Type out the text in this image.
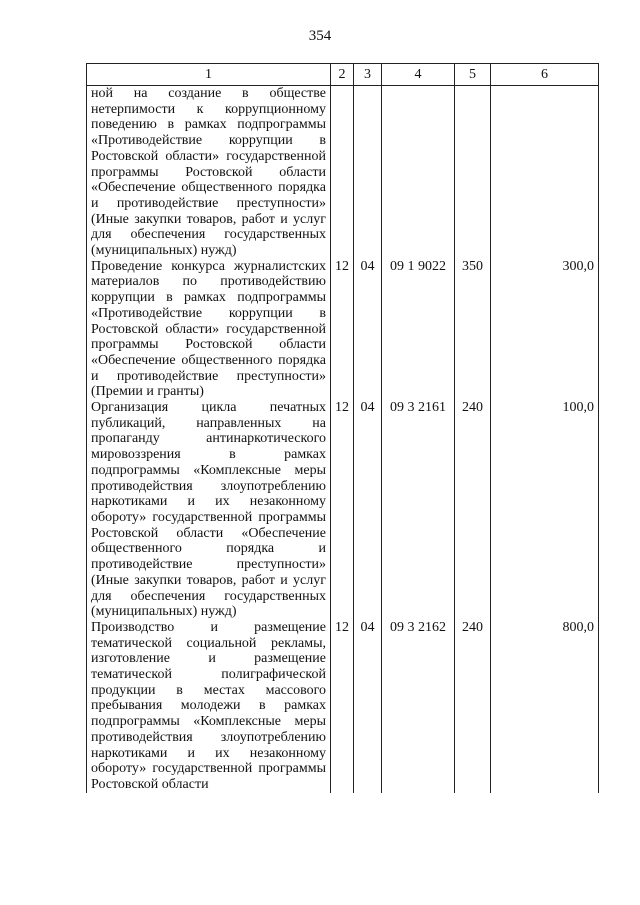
354
1	2	3	4	5	6
ной на создание в обществе нетерпимости к коррупционному поведению в рамках подпрограммы «Противодействие коррупции в Ростовской области» государственной программы Ростовской области «Обеспечение общественного порядка и противодействие преступности» (Иные закупки товаров, работ и услуг для обеспечения государственных (муниципальных) нужд)					
Проведение конкурса журналистских материалов по противодействию коррупции в рамках подпрограммы «Противодействие коррупции в Ростовской области» государственной программы Ростовской области «Обеспечение общественного порядка и противодействие преступности» (Премии и гранты)	12	04	09 1 9022	350	300,0
Организация цикла печатных публикаций, направленных на пропаганду антинаркотического мировоззрения в рамках подпрограммы «Комплексные меры противодействия злоупотреблению наркотиками и их незаконному обороту» государственной программы Ростовской области «Обеспечение общественного порядка и противодействие преступности» (Иные закупки товаров, работ и услуг для обеспечения государственных (муниципальных) нужд)	12	04	09 3 2161	240	100,0
Производство и размещение тематической социальной рекламы, изготовление и размещение тематической полиграфической продукции в местах массового пребывания молодежи в рамках подпрограммы «Комплексные меры противодействия злоупотреблению наркотиками и их незаконному обороту» государственной программы Ростовской области	12	04	09 3 2162	240	800,0
